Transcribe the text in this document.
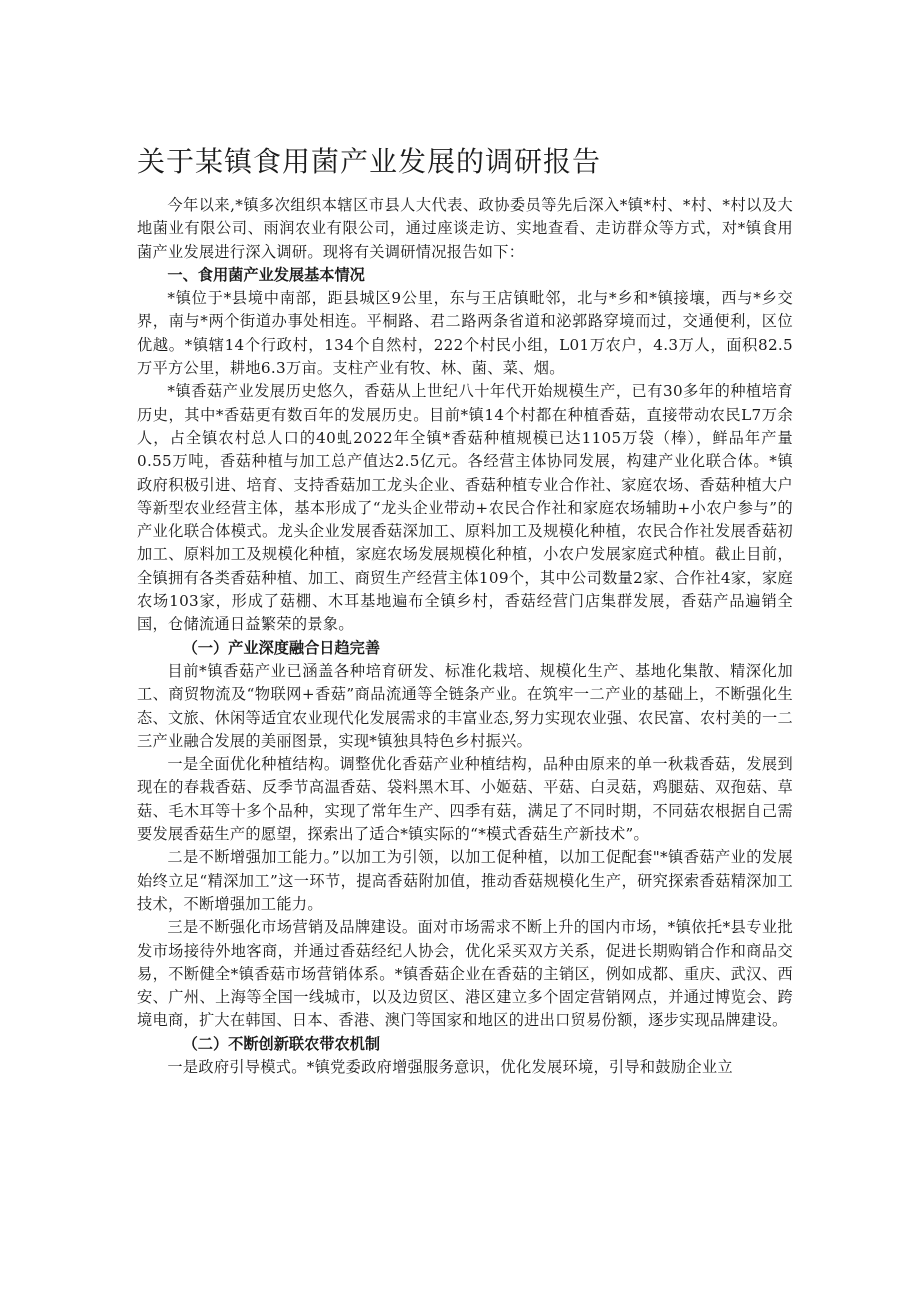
关于某镇食用菌产业发展的调研报告

今年以来,*镇多次组织本辖区市县人大代表、政协委员等先后深入*镇*村、*村、*村以及大地菌业有限公司、雨润农业有限公司，通过座谈走访、实地查看、走访群众等方式，对*镇食用菌产业发展进行深入调研。现将有关调研情况报告如下：

一、食用菌产业发展基本情况

*镇位于*县境中南部，距县城区9公里，东与王店镇毗邻，北与*乡和*镇接壤，西与*乡交界，南与*两个街道办事处相连。平桐路、君二路两条省道和泌郭路穿境而过，交通便利，区位优越。*镇辖14个行政村，134个自然村，222个村民小组，L01万农户，4.3万人，面积82.5万平方公里，耕地6.3万亩。支柱产业有牧、林、菌、菜、烟。

*镇香菇产业发展历史悠久，香菇从上世纪八十年代开始规模生产，已有30多年的种植培育历史，其中*香菇更有数百年的发展历史。目前*镇14个村都在种植香菇，直接带动农民L7万余人，占全镇农村总人口的40虬2022年全镇*香菇种植规模已达1105万袋（棒），鲜品年产量0.55万吨，香菇种植与加工总产值达2.5亿元。各经营主体协同发展，构建产业化联合体。*镇政府积极引进、培育、支持香菇加工龙头企业、香菇种植专业合作社、家庭农场、香菇种植大户等新型农业经营主体，基本形成了“龙头企业带动+农民合作社和家庭农场辅助+小农户参与”的产业化联合体模式。龙头企业发展香菇深加工、原料加工及规模化种植，农民合作社发展香菇初加工、原料加工及规模化种植，家庭农场发展规模化种植，小农户发展家庭式种植。截止目前，全镇拥有各类香菇种植、加工、商贸生产经营主体109个，其中公司数量2家、合作社4家，家庭农场103家，形成了菇棚、木耳基地遍布全镇乡村，香菇经营门店集群发展，香菇产品遍销全国，仓储流通日益繁荣的景象。

（一）产业深度融合日趋完善

目前*镇香菇产业已涵盖各种培育研发、标准化栽培、规模化生产、基地化集散、精深化加工、商贸物流及“物联网+香菇”商品流通等全链条产业。在筑牢一二产业的基础上，不断强化生态、文旅、休闲等适宜农业现代化发展需求的丰富业态,努力实现农业强、农民富、农村美的一二三产业融合发展的美丽图景，实现*镇独具特色乡村振兴。

一是全面优化种植结构。调整优化香菇产业种植结构，品种由原来的单一秋栽香菇，发展到现在的春栽香菇、反季节高温香菇、袋料黑木耳、小姬菇、平菇、白灵菇，鸡腿菇、双孢菇、草菇、毛木耳等十多个品种，实现了常年生产、四季有菇，满足了不同时期，不同菇农根据自己需要发展香菇生产的愿望，探索出了适合*镇实际的“*模式香菇生产新技术”。

二是不断增强加工能力。”以加工为引领，以加工促种植，以加工促配套"*镇香菇产业的发展始终立足“精深加工”这一环节，提高香菇附加值，推动香菇规模化生产，研究探索香菇精深加工技术，不断增强加工能力。

三是不断强化市场营销及品牌建设。面对市场需求不断上升的国内市场，*镇依托*县专业批发市场接待外地客商，并通过香菇经纪人协会，优化采买双方关系，促进长期购销合作和商品交易，不断健全*镇香菇市场营销体系。*镇香菇企业在香菇的主销区，例如成都、重庆、武汉、西安、广州、上海等全国一线城市，以及边贸区、港区建立多个固定营销网点，并通过博览会、跨境电商，扩大在韩国、日本、香港、澳门等国家和地区的进出口贸易份额，逐步实现品牌建设。

（二）不断创新联农带农机制

一是政府引导模式。*镇党委政府增强服务意识，优化发展环境，引导和鼓励企业立
